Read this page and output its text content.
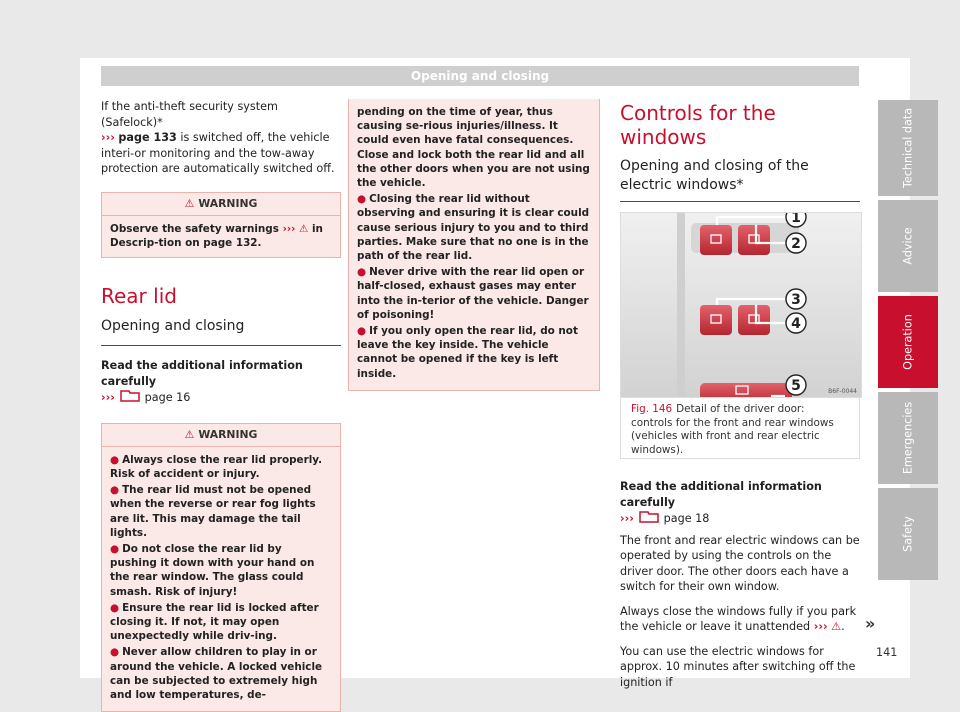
Opening and closing

If the anti-theft security system (Safelock)*
››› page 133 is switched off, the vehicle interi-or monitoring and the tow-away protection are automatically switched off.

⚠ WARNING
Observe the safety warnings ››› ⚠ in Descrip-tion on page 132.
Rear lid
Opening and closing

Read the additional information carefully
›››	page 16

⚠ WARNING
● Always close the rear lid properly. Risk of accident or injury.
● The rear lid must not be opened when the reverse or rear fog lights are lit. This may damage the tail lights.
● Do not close the rear lid by pushing it down with your hand on the rear window. The glass could smash. Risk of injury!
● Ensure the rear lid is locked after closing it. If not, it may open unexpectedly while driv-ing.
● Never allow children to play in or around the vehicle. A locked vehicle can be subjected to extremely high and low temperatures, de-
pending on the time of year, thus causing se-rious injuries/illness. It could even have fatal consequences. Close and lock both the rear lid and all the other doors when you are not using the vehicle.
● Closing the rear lid without observing and ensuring it is clear could cause serious injury to you and to third parties. Make sure that no one is in the path of the rear lid.
● Never drive with the rear lid open or half-closed, exhaust gases may enter into the in-terior of the vehicle. Danger of poisoning!
● If you only open the rear lid, do not leave the key inside. The vehicle cannot be opened if the key is left inside.
Controls for the windows
Opening and closing of the electric windows*
1
2
3
4
5	B6F-0044
Fig. 146 Detail of the driver door: controls for the front and rear windows (vehicles with front and rear electric windows).

Read the additional information carefully
›››	page 18

The front and rear electric windows can be operated by using the controls on the driver door. The other doors each have a switch for their own window.

Always close the windows fully if you park the vehicle or leave it unattended ››› ⚠.

You can use the electric windows for approx. 10 minutes after switching off the ignition if

Technical data
Advice
Operation
Emergencies
Safety
»
141
